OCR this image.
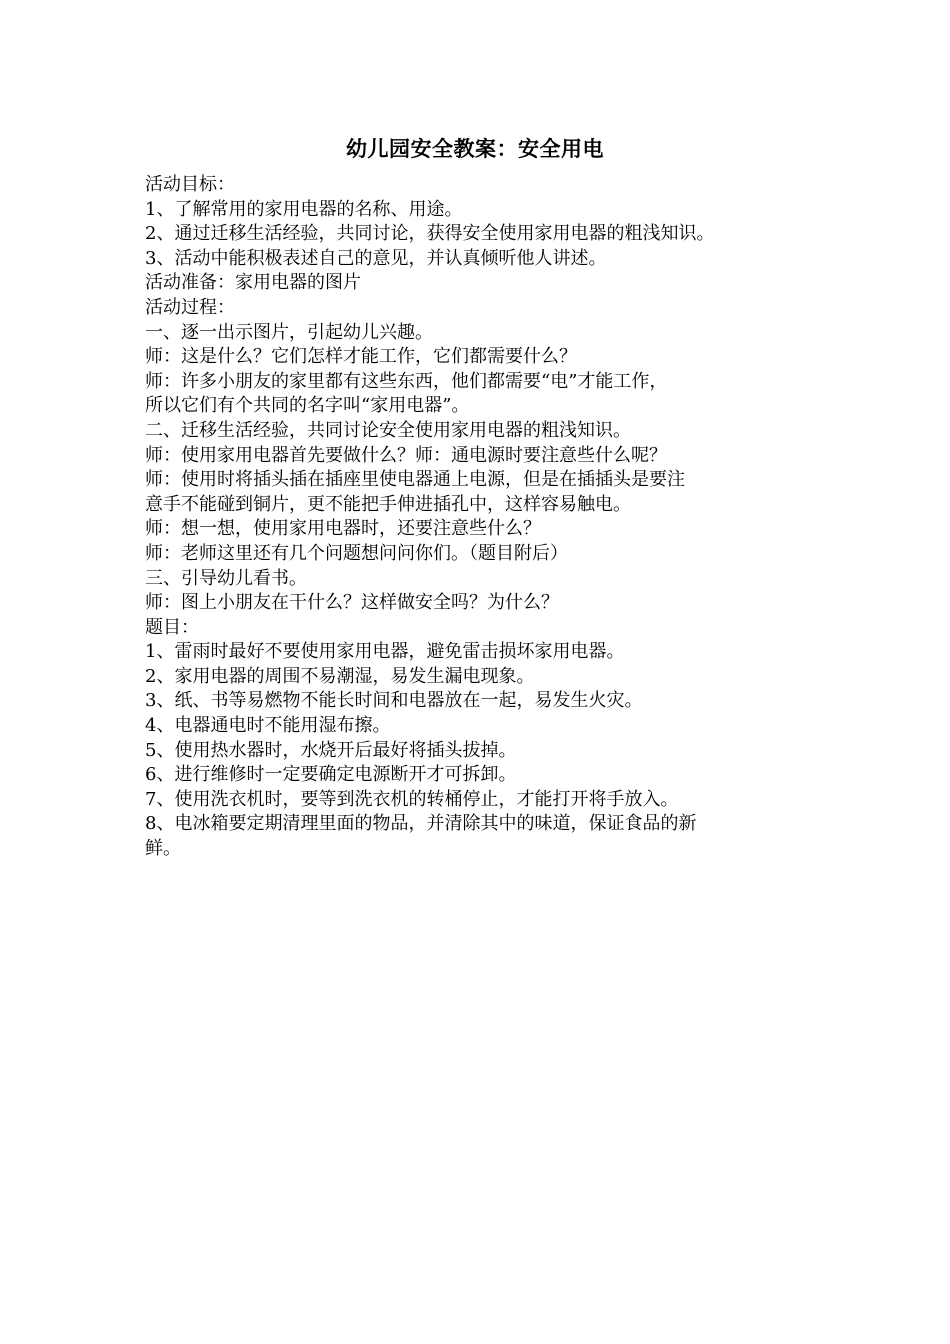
幼儿园安全教案：安全用电
活动目标：
1、了解常用的家用电器的名称、用途。
2、通过迁移生活经验，共同讨论，获得安全使用家用电器的粗浅知识。
3、活动中能积极表述自己的意见，并认真倾听他人讲述。
活动准备：家用电器的图片
活动过程：
一、逐一出示图片，引起幼儿兴趣。
师：这是什么？它们怎样才能工作，它们都需要什么？
师：许多小朋友的家里都有这些东西，他们都需要“电”才能工作，
所以它们有个共同的名字叫“家用电器”。
二、迁移生活经验，共同讨论安全使用家用电器的粗浅知识。
师：使用家用电器首先要做什么？师：通电源时要注意些什么呢？
师：使用时将插头插在插座里使电器通上电源，但是在插插头是要注
意手不能碰到铜片，更不能把手伸进插孔中，这样容易触电。
师：想一想，使用家用电器时，还要注意些什么？
师：老师这里还有几个问题想问问你们。（题目附后）
三、引导幼儿看书。
师：图上小朋友在干什么？这样做安全吗？为什么？
题目：
1、雷雨时最好不要使用家用电器，避免雷击损坏家用电器。
2、家用电器的周围不易潮湿，易发生漏电现象。
3、纸、书等易燃物不能长时间和电器放在一起，易发生火灾。
4、电器通电时不能用湿布擦。
5、使用热水器时，水烧开后最好将插头拔掉。
6、进行维修时一定要确定电源断开才可拆卸。
7、使用洗衣机时，要等到洗衣机的转桶停止，才能打开将手放入。
8、电冰箱要定期清理里面的物品，并清除其中的味道，保证食品的新
鲜。
